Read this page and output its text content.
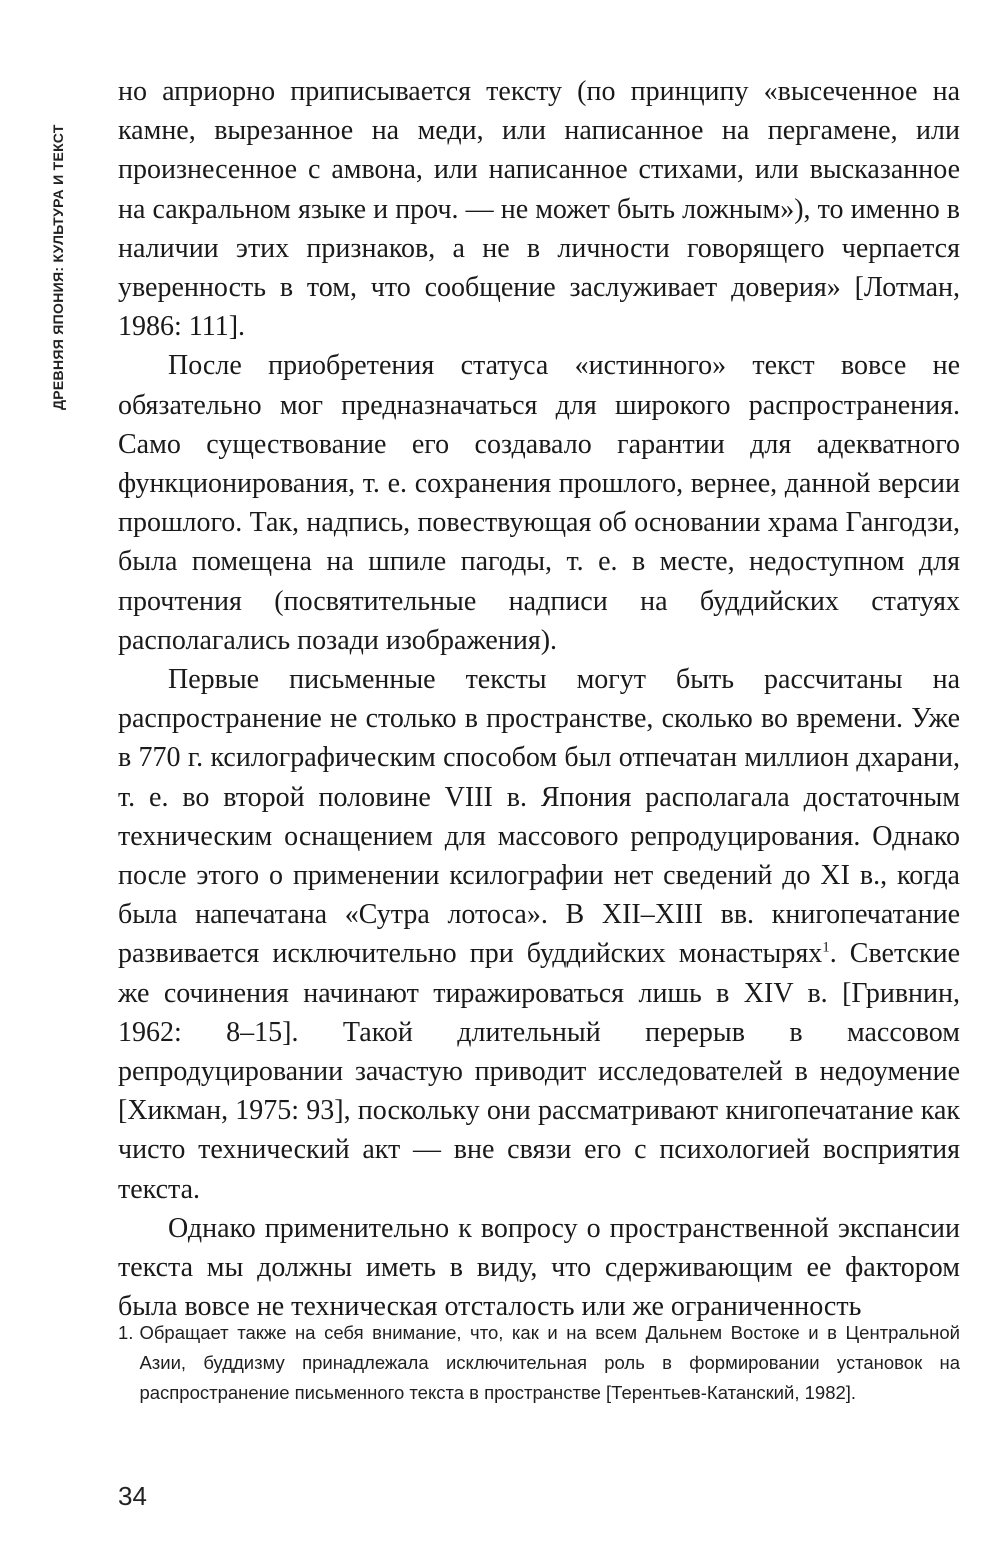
ДРЕВНЯЯ ЯПОНИЯ: КУЛЬТУРА И ТЕКСТ

но априорно приписывается тексту (по принципу «высеченное на камне, вырезанное на меди, или написанное на пергамене, или произнесенное с амвона, или написанное стихами, или высказанное на сакральном языке и проч. — не может быть ложным»), то именно в наличии этих признаков, а не в личности говорящего черпается уверенность в том, что сообщение заслуживает доверия» [Лотман, 1986: 111].

После приобретения статуса «истинного» текст вовсе не обязательно мог предназначаться для широкого распространения. Само существование его создавало гарантии для адекватного функционирования, т. е. сохранения прошлого, вернее, данной версии прошлого. Так, надпись, повествующая об основании храма Гангодзи, была помещена на шпиле пагоды, т. е. в месте, недоступном для прочтения (посвятительные надписи на буддийских статуях располагались позади изображения).

Первые письменные тексты могут быть рассчитаны на распространение не столько в пространстве, сколько во времени. Уже в 770 г. ксилографическим способом был отпечатан миллион дхарани, т. е. во второй половине VIII в. Япония располагала достаточным техническим оснащением для массового репродуцирования. Однако после этого о применении ксилографии нет сведений до XI в., когда была напечатана «Сутра лотоса». В XII–XIII вв. книгопечатание развивается исключительно при буддийских монастырях$^1$. Светские же сочинения начинают тиражироваться лишь в XIV в. [Гривнин, 1962: 8–15]. Такой длительный перерыв в массовом репродуцировании зачастую приводит исследователей в недоумение [Хикман, 1975: 93], поскольку они рассматривают книгопечатание как чисто технический акт — вне связи его с психологией восприятия текста.

Однако применительно к вопросу о пространственной экспансии текста мы должны иметь в виду, что сдерживающим ее фактором была вовсе не техническая отсталость или же ограниченность

1. Обращает также на себя внимание, что, как и на всем Дальнем Востоке и в Центральной Азии, буддизму принадлежала исключительная роль в формировании установок на распространение письменного текста в пространстве [Терентьев-Катанский, 1982].
34
